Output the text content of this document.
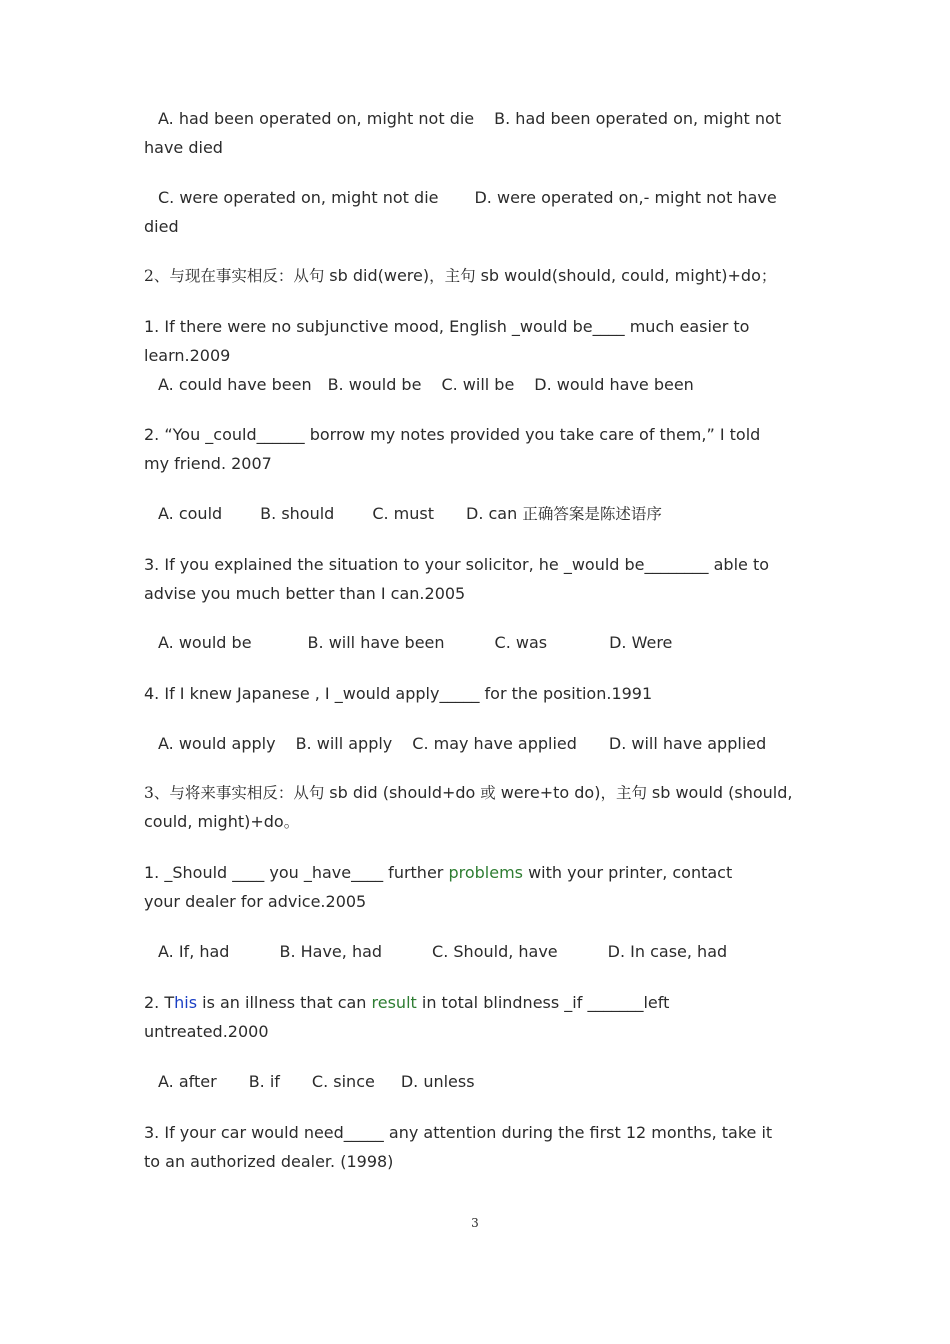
A. had been operated on, might not die B. had been operated on, might not
have died
C. were operated on, might not die D. were operated on,- might not have
died
2、与现在事实相反：从句 sb did(were)，主句 sb would(should, could, might)+do；
1. If there were no subjunctive mood, English _would be____ much easier to
learn.2009
A. could have been B. would be C. will be D. would have been
2. “You _could______ borrow my notes provided you take care of them,” I told
my friend. 2007
A. could B. should C. must D. can 正确答案是陈述语序
3. If you explained the situation to your solicitor, he _would be________ able to
advise you much better than I can.2005
A. would be	B. will have been	C. was	D. Were
4. If I knew Japanese , I _would apply_____ for the position.1991
A. would apply B. will apply C. may have applied D. will have applied
3、与将来事实相反：从句 sb did (should+do 或 were+to do)，主句 sb would (should,
could, might)+do。
1. _Should ____ you _have____ further problems with your printer, contact
your dealer for advice.2005
A. If, had	B. Have, had	C. Should, have	D. In case, had
2. This is an illness that can result in total blindness _if _______left
untreated.2000
A. after B. if C. since D. unless
3. If your car would need_____ any attention during the first 12 months, take it
to an authorized dealer. (1998)
3
